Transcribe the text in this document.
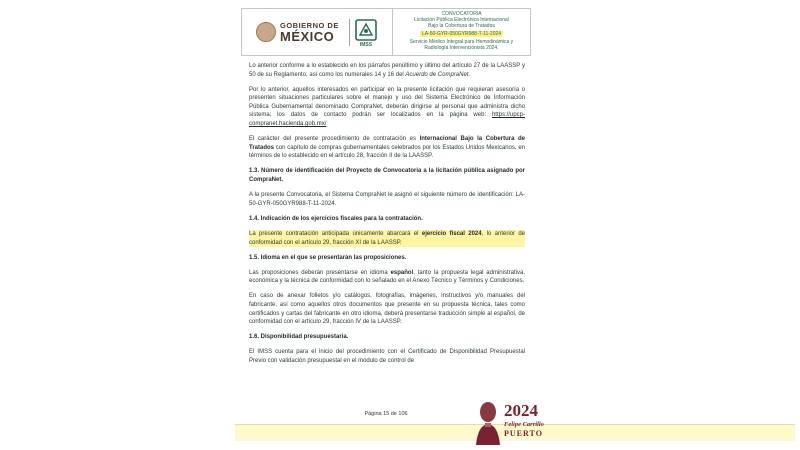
GOBIERNO DE
MÉXICO
IMSS
CONVOCATORIA
Licitación Pública Electrónica Internacional
Bajo la Cobertura de Tratados
LA-50-GYR-050GYR988-T-11-2024
Servicio Médico Integral para Hemodinámica y
Radiología Intervencionista 2024.

Lo anterior conforme a lo establecido en los párrafos penúltimo y último del artículo 27 de la LAASSP y 50 de su Reglamento, así como los numerales 14 y 16 del Acuerdo de CompraNet.

Por lo anterior, aquellos interesados en participar en la presente licitación que requieran asesoría o presenten situaciones particulares sobre el manejo y uso del Sistema Electrónico de Información Pública Gubernamental denominado CompraNet, deberán dirigirse al personal que administra dicho sistema; los datos de contacto podrán ser localizados en la página web: https://upcp-compranet.hacienda.gob.mx/

El carácter del presente procedimiento de contratación es Internacional Bajo la Cobertura de Tratados con capítulo de compras gubernamentales celebrados por los Estados Unidos Mexicanos, en términos de lo establecido en el artículo 28, fracción II de la LAASSP.

1.3. Número de identificación del Proyecto de Convocatoria a la licitación pública asignado por CompraNet.

A la presente Convocatoria, el Sistema CompraNet le asignó el siguiente número de identificación: LA-50-GYR-050GYR988-T-11-2024.

1.4. Indicación de los ejercicios fiscales para la contratación.

La presente contratación anticipada únicamente abarcará el ejercicio fiscal 2024, lo anterior de conformidad con el artículo 29, fracción XI de la LAASSP.

1.5. Idioma en el que se presentarán las proposiciones.

Las proposiciones deberán presentarse en idioma español, tanto la propuesta legal administrativa, económica y la técnica de conformidad con lo señalado en el Anexo Técnico y Términos y Condiciones.

En caso de anexar folletos y/o catálogos, fotografías, imágenes, instructivos y/o manuales del fabricante, así como aquellos otros documentos que presente en su propuesta técnica, tales como certificados y cartas del fabricante en otro idioma, deberá presentarse traducción simple al español, de conformidad con el artículo 29, fracción IV de la LAASSP.

1.6. Disponibilidad presupuestaria.

El IMSS cuenta para el inicio del procedimiento con el Certificado de Disponibilidad Presupuestal Previo con validación presupuestal en el módulo de control de

Página 15 de 106	2024
Felipe Carrillo
PUERTO
